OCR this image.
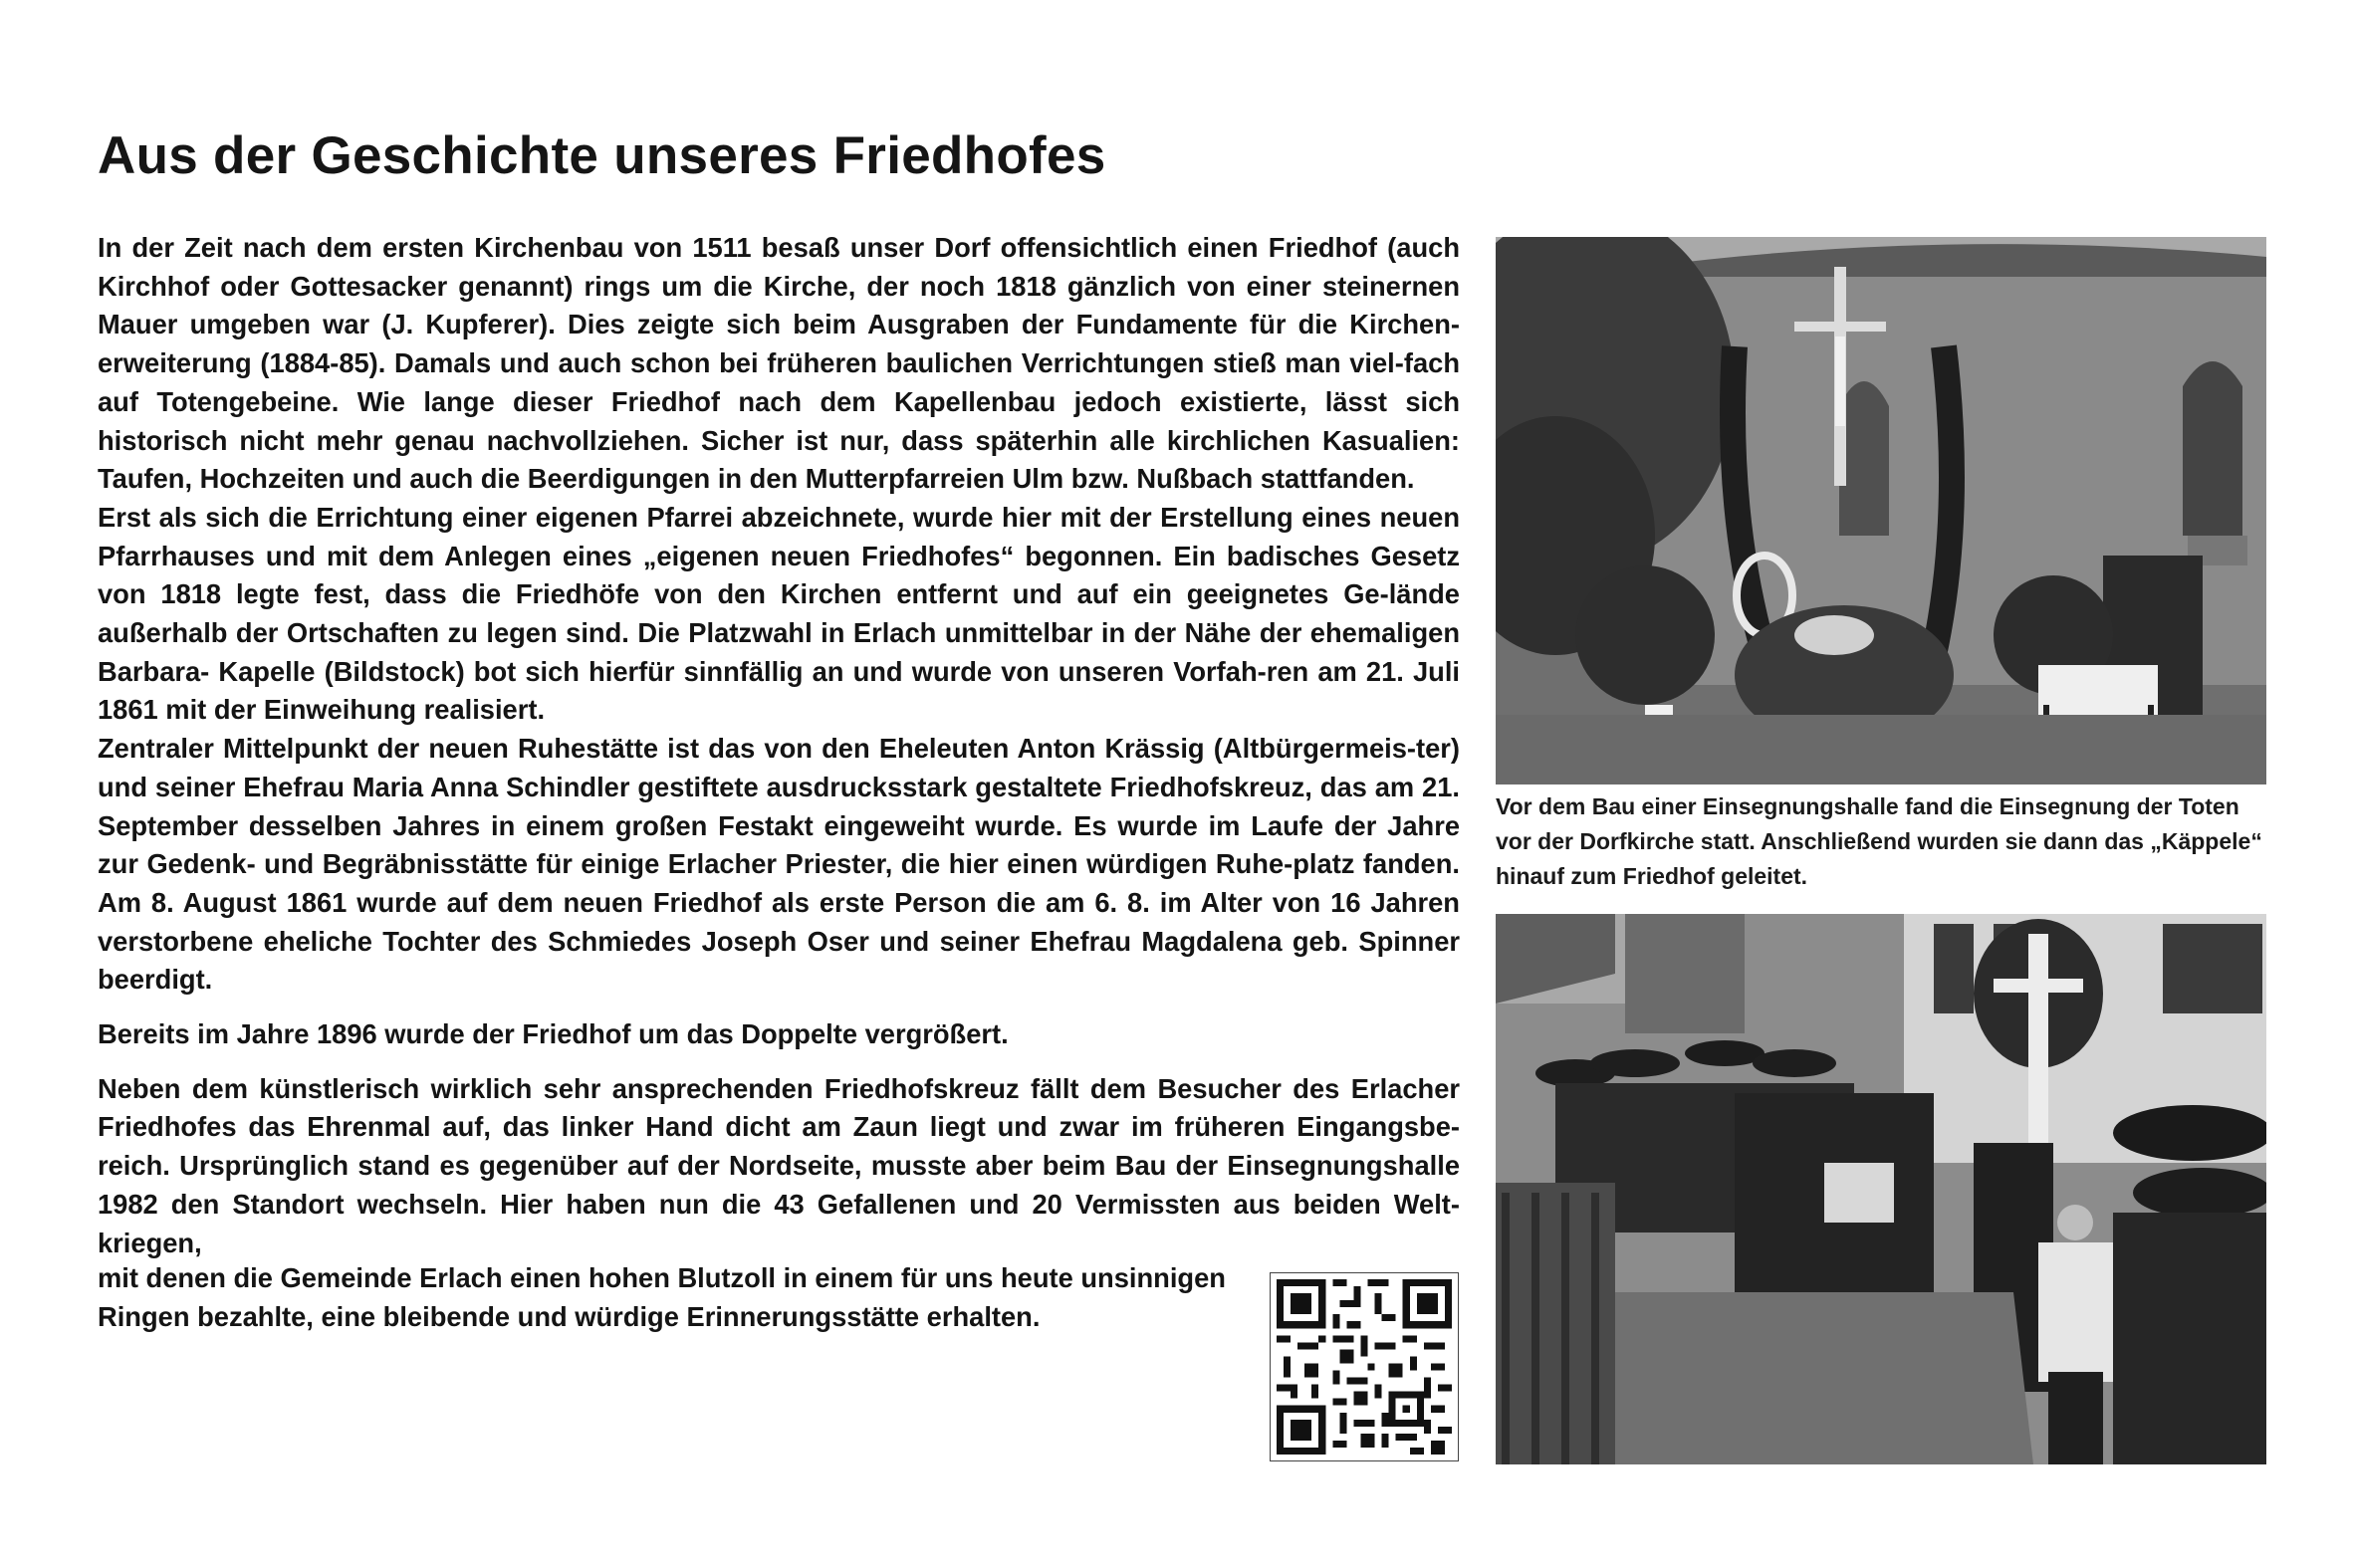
Aus der Geschichte unseres Friedhofes

In der Zeit nach dem ersten Kirchenbau von 1511 besaß unser Dorf offensichtlich einen Friedhof (auch Kirchhof oder Gottesacker genannt) rings um die Kirche, der noch 1818 gänzlich von einer steinernen Mauer umgeben war (J. Kupferer). Dies zeigte sich beim Ausgraben der Fundamente für die Kirchen-erweiterung (1884-85). Damals und auch schon bei früheren baulichen Verrichtungen stieß man viel-fach auf Totengebeine. Wie lange dieser Friedhof nach dem Kapellenbau jedoch existierte, lässt sich historisch nicht mehr genau nachvollziehen. Sicher ist nur, dass späterhin alle kirchlichen Kasualien: Taufen, Hochzeiten und auch die Beerdigungen in den Mutterpfarreien Ulm bzw. Nußbach stattfanden.

Erst als sich die Errichtung einer eigenen Pfarrei abzeichnete, wurde hier mit der Erstellung eines neuen Pfarrhauses und mit dem Anlegen eines „eigenen neuen Friedhofes“ begonnen. Ein badisches Gesetz von 1818 legte fest, dass die Friedhöfe von den Kirchen entfernt und auf ein geeignetes Ge-lände außerhalb der Ortschaften zu legen sind. Die Platzwahl in Erlach unmittelbar in der Nähe der ehemaligen Barbara- Kapelle (Bildstock) bot sich hierfür sinnfällig an und wurde von unseren Vorfah-ren am 21. Juli 1861 mit der Einweihung realisiert.

Zentraler Mittelpunkt der neuen Ruhestätte ist das von den Eheleuten Anton Krässig (Altbürgermeis-ter) und seiner Ehefrau Maria Anna Schindler gestiftete ausdrucksstark gestaltete Friedhofskreuz, das am 21. September desselben Jahres in einem großen Festakt eingeweiht wurde. Es wurde im Laufe der Jahre zur Gedenk- und Begräbnisstätte für einige Erlacher Priester, die hier einen würdigen Ruhe-platz fanden. Am 8. August 1861 wurde auf dem neuen Friedhof als erste Person die am 6. 8. im Alter von 16 Jahren verstorbene eheliche Tochter des Schmiedes Joseph Oser und seiner Ehefrau Magdalena geb. Spinner beerdigt.

Bereits im Jahre 1896 wurde der Friedhof um das Doppelte vergrößert.

Neben dem künstlerisch wirklich sehr ansprechenden Friedhofskreuz fällt dem Besucher des Erlacher Friedhofes das Ehrenmal auf, das linker Hand dicht am Zaun liegt und zwar im früheren Eingangsbe-reich. Ursprünglich stand es gegenüber auf der Nordseite, musste aber beim Bau der Einsegnungshalle 1982 den Standort wechseln. Hier haben nun die 43 Gefallenen und 20 Vermissten aus beiden Welt-kriegen,

mit denen die Gemeinde Erlach einen hohen Blutzoll in einem für uns heute unsinnigen Ringen bezahlte, eine bleibende und würdige Erinnerungsstätte erhalten.

Vor dem Bau einer Einsegnungshalle fand die Einsegnung der Toten vor der Dorfkirche statt. Anschließend wurden sie dann das „Käppele“ hinauf zum Friedhof geleitet.
